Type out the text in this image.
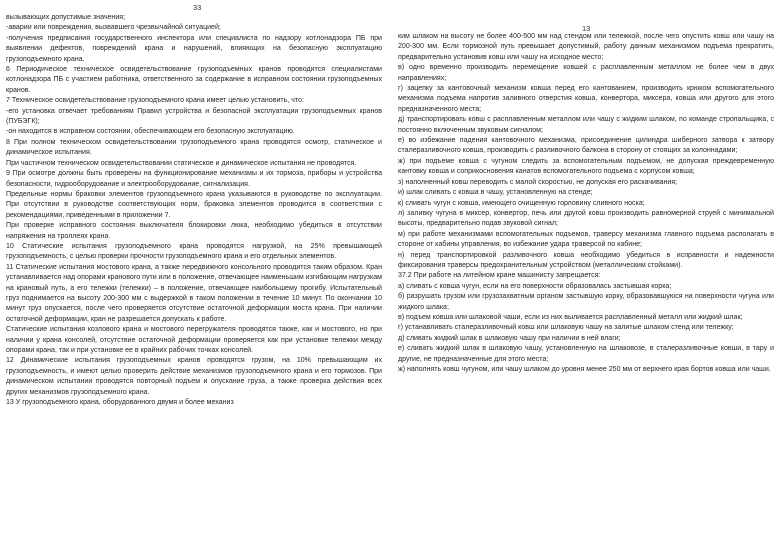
33

вызывающих допустимые значения;

-аварии или повреждения, вызвавшего чрезвычайной ситуацией;

-получения предписания государственного инспектора или специалиста по надзору котлонадзора ПБ при выявлении дефектов, повреждений крана и нарушений, влияющих на безопасную эксплуатацию грузоподъемного крана.

6 Периодическое техническое освидетельствование грузоподъемных кранов проводится специалистами котлонадзора ПБ с участием работника, ответственного за содержание в исправном состоянии грузоподъемных кранов.

7 Техническое освидетельствование грузоподъемного крана имеет целью установить, что:

-его установка отвечает требованиям Правил устройства и безопасной эксплуатации грузоподъемных кранов (ПУБЭГК);

-он находится в исправном состоянии, обеспечивающем его безопасную эксплуатацию.

8 При полном техническом освидетельствовании грузоподъемного крана проводятся осмотр, статическое и динамическое испытания.

При частичном техническом освидетельствовании статическое и динамическое испытания не проводятся.

9 При осмотре должны быть проверены на функционирование механизмы и их тормоза, приборы и устройства безопасности, гидрооборудование и электрооборудование, сигнализация.

Предельные нормы браковки элементов грузоподъемного крана указываются в руководстве по эксплуатации. При отсутствии в руководстве соответствующих норм, браковка элементов проводится в соответствии с рекомендациями, приведенными в приложении 7.

При проверке исправного состояния выключателя блокировки люка, необходимо убедиться в отсутствии напряжения на троллеях крана.

10 Статические испытания грузоподъемного крана проводятся нагрузкой, на 25% превышающей грузоподъемность, с целью проверки прочности грузоподъемного крана и его отдельных элементов.

11 Статические испытания мостового крана, а также передвижного консольного проводится таким образом. Кран устанавливается над опорами кранового пути или в положение, отвечающее наименьшим изгибающим нагрузкам на крановый путь, а его тележки (тележки) – в положение, отвечающее наибольшему прогибу. Испытательный груз поднимается на высоту 200-300 мм с выдержкой в таком положении в течение 10 минут. По окончании 10 минут груз опускается, после чего проверяется отсутствие остаточной деформации моста крана. При наличии остаточной деформации, кран не разрешается допускать к работе.

Статические испытания козлового крана и мостового перегружателя проводятся также, как и мостового, но при наличии у крана консолей, отсутствие остаточной деформации проверяется как при установке тележки между опорами крана, так и при установке ее в крайних рабочих точках консолей.

12 Динамические испытания грузоподъемных кранов проводятся грузом, на 10% превышающим их грузоподъемность, и имеют целью проверить действие механизмов грузоподъемного крана и его тормозов. При динамическом испытании проводятся повторный подъем и опускание груза, а также проверка действия всех других механизмов грузоподъемного крана.

13 У грузоподъемного крана, оборудованного двумя и более механиз

13

ким шлаком на высоту не более 400-500 мм над стендом или тележкой, после чего опустить ковш или чашу на 200-300 мм. Если тормозной путь превышает допустимый, работу данным механизмом подъема прекратить, предварительно установив ковш или чашу на исходное место;

в) одно временно производить перемещение ковшей с расплавленным металлом не более чем в двух направлениях;

г) зацепку за кантовочный механизм ковша перед его кантованием, производить крюком вспомогательного механизма подъема напротив заливного отверстия ковша, конвертора, миксера, ковша или другого для этого предназначенного места;

д) транспортировать ковш с расплавленным металлом или чашу с жидким шлаком, по команде стропальщика, с постоянно включенным звуковым сигналом;

е) во избежание падения кантовочного механизма, присоединение цилиндра шиберного затвора к затвору сталеразливочного ковша, производить с разливочного балкона в сторону от стоящих за колоннадами;

ж) при подъеме ковша с чугуном следить за вспомогательным подъемом, не допуская преждевременную кантовку ковша и соприкосновения канатов вспомогательного подъема с корпусом ковша;

з) наполненный ковш переводить с малой скоростью, не допуская его раскачивания;

и) шлак сливать с ковша в чашу, установленную на стенде;

к) сливать чугун с ковша, имеющего очищенную горловину сливного носка;

л) заливку чугуна в миксер, конвертор, печь или другой ковш производить равномерной струей с минимальной высоты, предварительно подав звуковой сигнал;

м) при работе механизмами вспомогательных подъемов, траверсу механизма главного подъема располагать в стороне от кабины управления, во избежание удара траверсой по кабине;

н) перед транспортировкой разливочного ковша необходимо убедиться в исправности и надежности фиксирования траверсы предохранительным устройством (металлическим стойками).

37.2 При работе на литейном кране машинисту запрещается:

а) сливать с ковша чугун, если на его поверхности образовалась застывшая корка;

б) разрушать грузом или грузозахватным органом застывшую корку, образовавшуюся на поверхности чугуна или жидкого шлака;

в) подъем ковша или шлаковой чаши, если из них выливается расплавленный металл или жидкий шлак;

г) устанавливать сталеразливочный ковш или шлаковую чашу на залитые шлаком стенд или тележку;

д) сливать жидкий шлак в шлаковую чашу при наличии в ней влаги;

е) сливать жидкий шлак в шлаковую чашу, установленную на шлаковозе, в сталеразливочные ковши, в тару и другие, не предназначенные для этого места;

ж) наполнять ковш чугуном, или чашу шлаком до уровня менее 250 мм от верхнего края бортов ковша или чаши.
